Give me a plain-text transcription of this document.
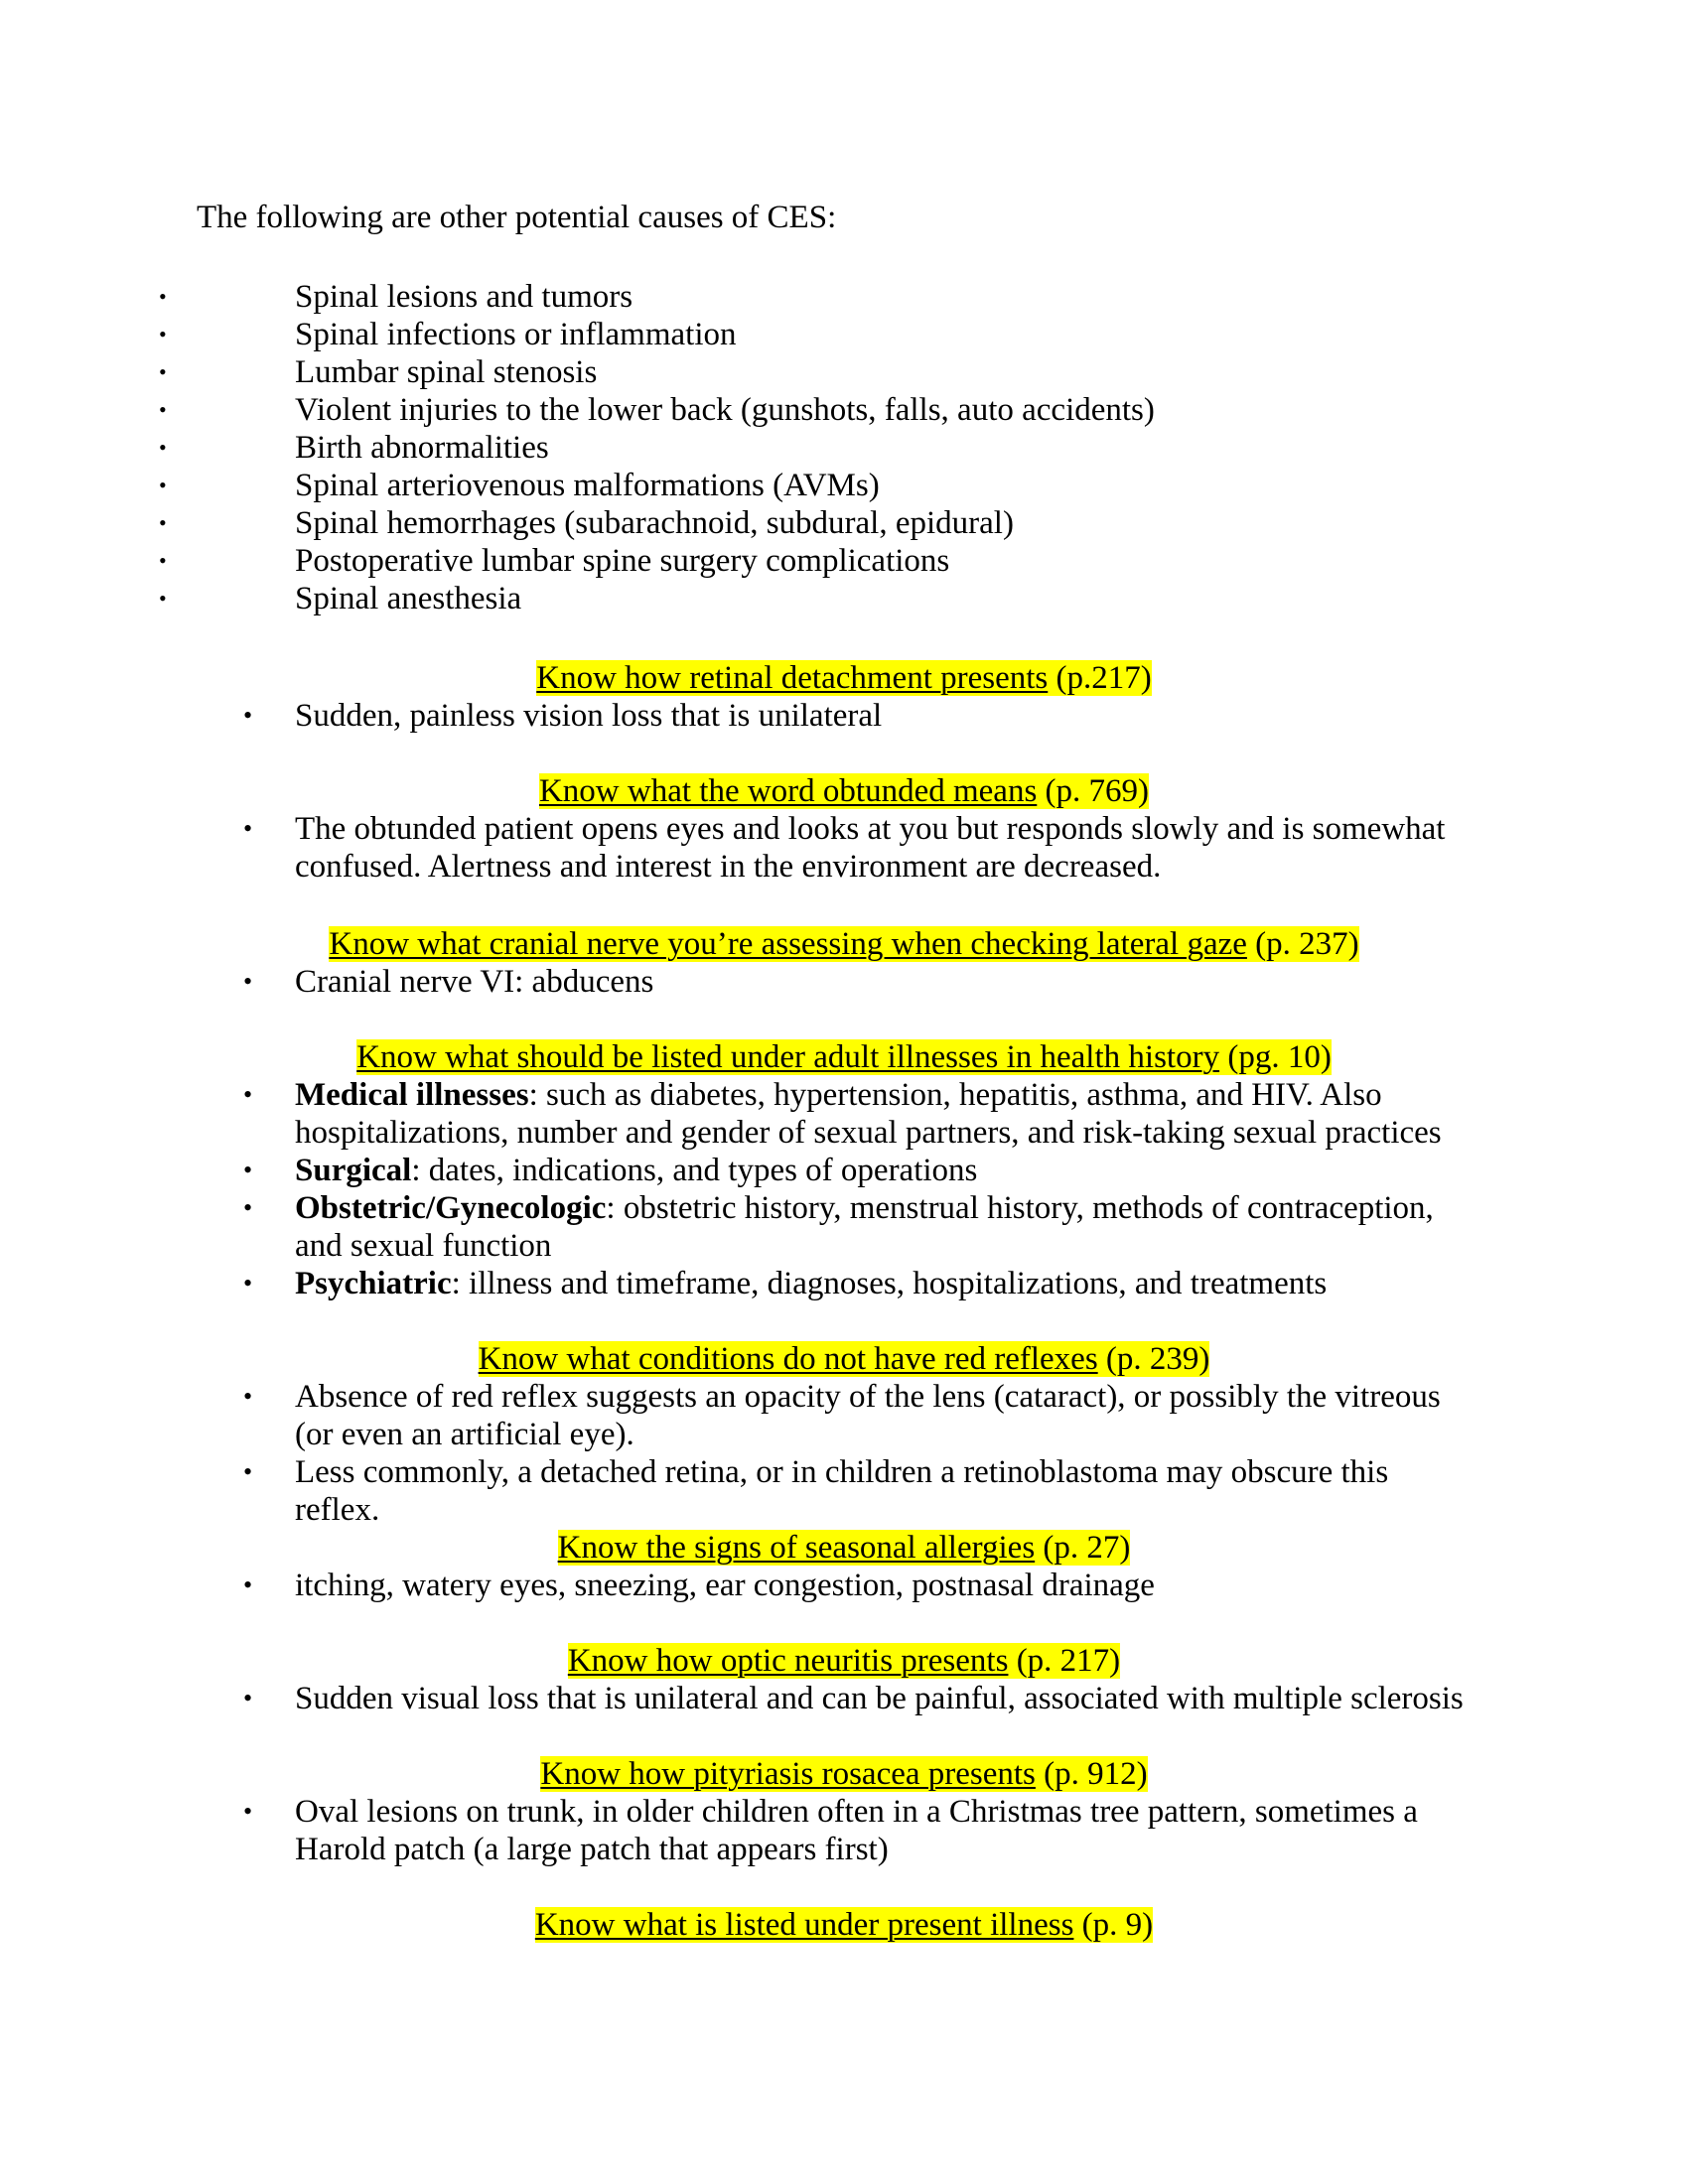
The following are other potential causes of CES:
•	Spinal lesions and tumors
•	Spinal infections or inflammation
•	Lumbar spinal stenosis
•	Violent injuries to the lower back (gunshots, falls, auto accidents)
•	Birth abnormalities
•	Spinal arteriovenous malformations (AVMs)
•	Spinal hemorrhages (subarachnoid, subdural, epidural)
•	Postoperative lumbar spine surgery complications
•	Spinal anesthesia
Know how retinal detachment presents (p.217)
• Sudden, painless vision loss that is unilateral
Know what the word obtunded means (p. 769)
• The obtunded patient opens eyes and looks at you but responds slowly and is somewhat
confused. Alertness and interest in the environment are decreased.
Know what cranial nerve you’re assessing when checking lateral gaze (p. 237)
• Cranial nerve VI: abducens
Know what should be listed under adult illnesses in health history (pg. 10)
• Medical illnesses: such as diabetes, hypertension, hepatitis, asthma, and HIV. Also
hospitalizations, number and gender of sexual partners, and risk-taking sexual practices
• Surgical: dates, indications, and types of operations
• Obstetric/Gynecologic: obstetric history, menstrual history, methods of contraception,
and sexual function
• Psychiatric: illness and timeframe, diagnoses, hospitalizations, and treatments
Know what conditions do not have red reflexes (p. 239)
• Absence of red reflex suggests an opacity of the lens (cataract), or possibly the vitreous
(or even an artificial eye).
• Less commonly, a detached retina, or in children a retinoblastoma may obscure this
reflex.
Know the signs of seasonal allergies (p. 27)
• itching, watery eyes, sneezing, ear congestion, postnasal drainage
Know how optic neuritis presents (p. 217)
• Sudden visual loss that is unilateral and can be painful, associated with multiple sclerosis
Know how pityriasis rosacea presents (p. 912)
• Oval lesions on trunk, in older children often in a Christmas tree pattern, sometimes a
Harold patch (a large patch that appears first)
Know what is listed under present illness (p. 9)
